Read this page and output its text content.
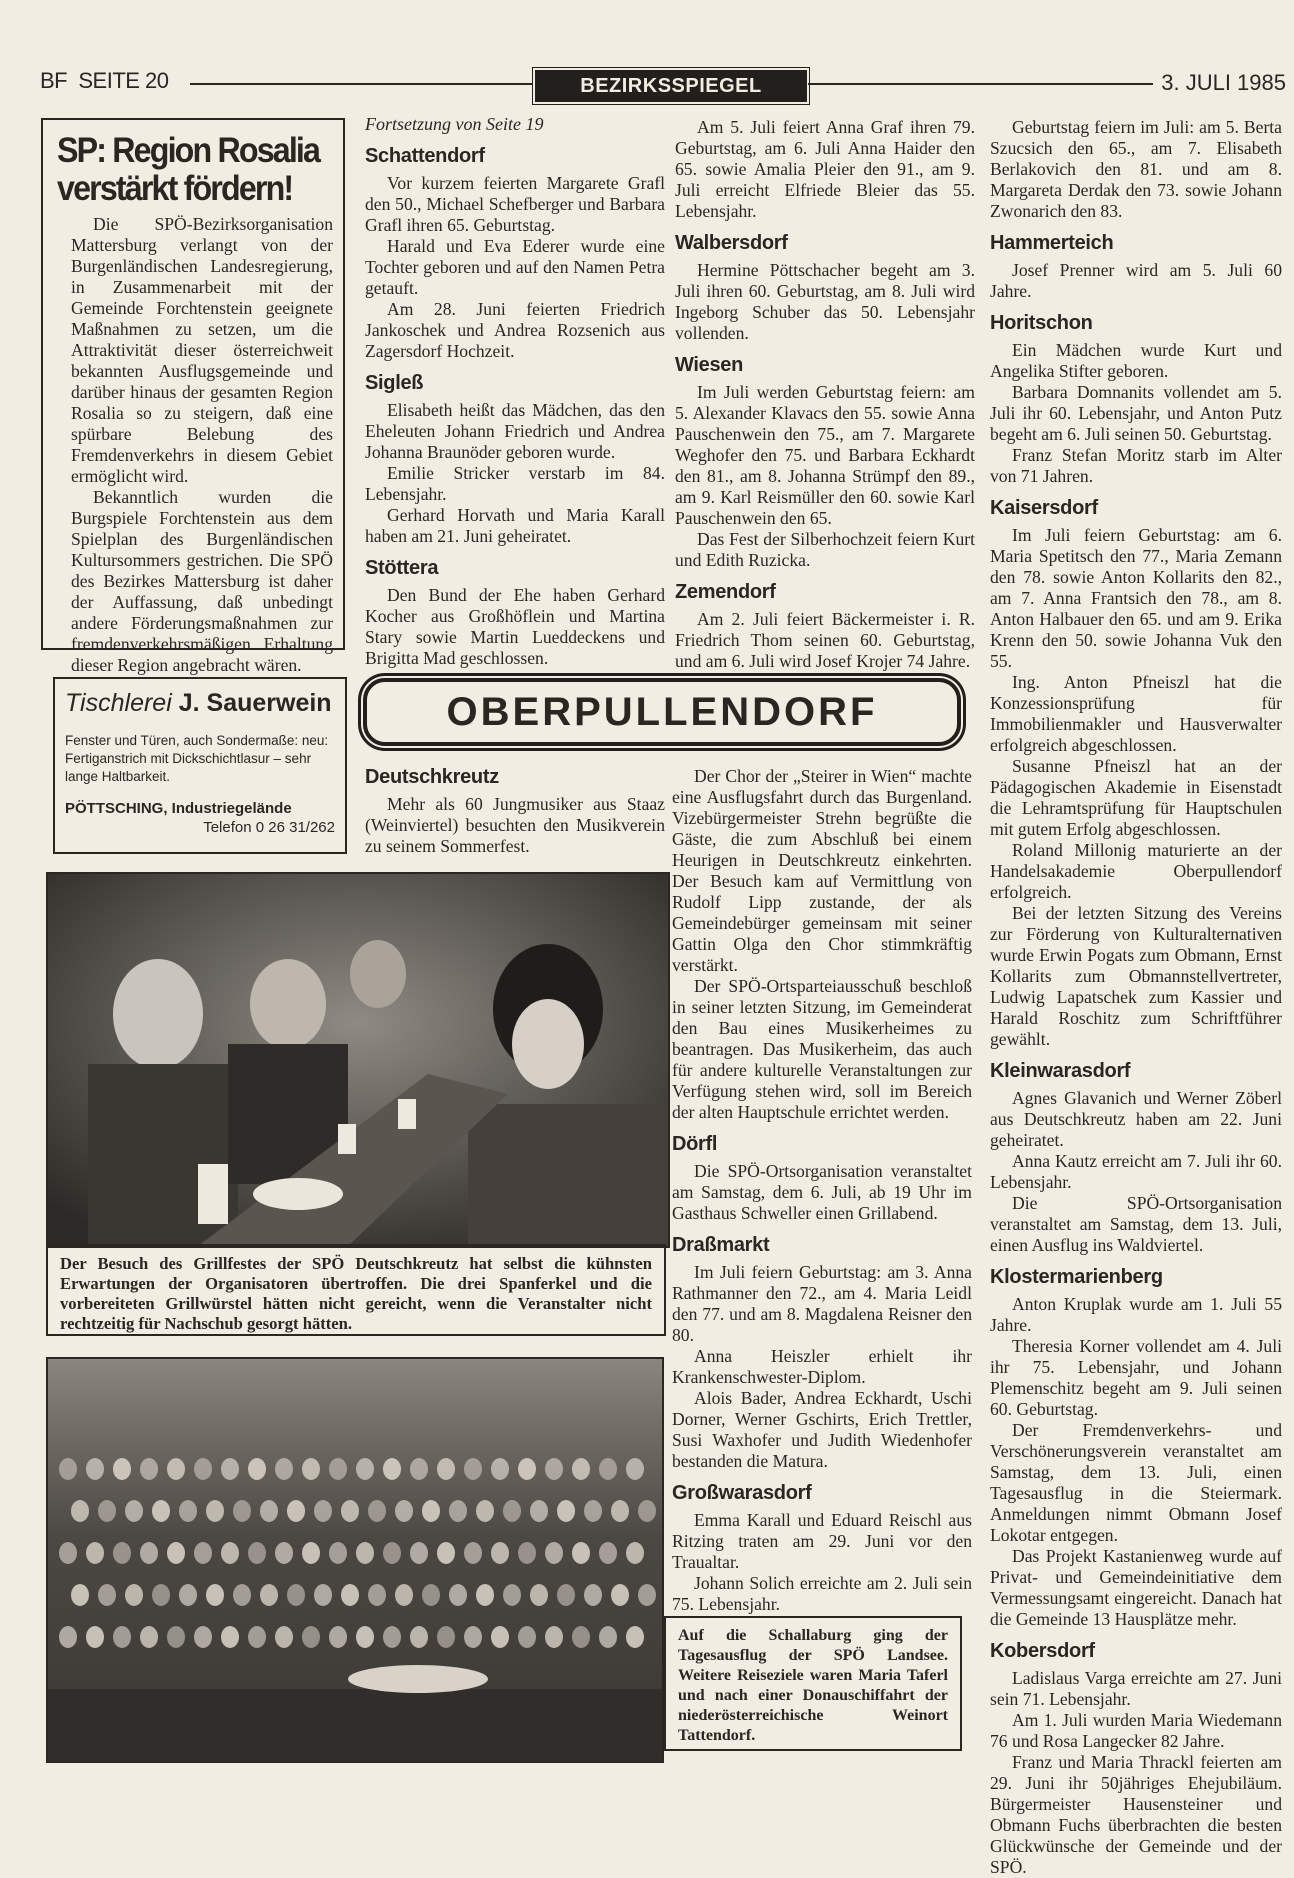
BF SEITE 20	BEZIRKSSPIEGEL	3. JULI 1985
SP: Region Rosalia
verstärkt fördern!

Die SPÖ-Bezirksorganisation Mattersburg verlangt von der Burgenländischen Landesregierung, in Zusammenarbeit mit der Gemeinde Forchtenstein geeignete Maßnahmen zu setzen, um die Attraktivität dieser österreichweit bekannten Ausflugsgemeinde und darüber hinaus der gesamten Region Rosalia so zu steigern, daß eine spürbare Belebung des Fremdenverkehrs in diesem Gebiet ermöglicht wird.

Bekanntlich wurden die Burgspiele Forchtenstein aus dem Spielplan des Burgenländischen Kultursommers gestrichen. Die SPÖ des Bezirkes Mattersburg ist daher der Auffassung, daß unbedingt andere Förderungsmaßnahmen zur fremdenverkehrsmäßigen Erhaltung dieser Region angebracht wären.

Fortsetzung von Seite 19
Schattendorf

Vor kurzem feierten Margarete Grafl den 50., Michael Schefberger und Barbara Grafl ihren 65. Geburtstag.

Harald und Eva Ederer wurde eine Tochter geboren und auf den Namen Petra getauft.

Am 28. Juni feierten Friedrich Jankoschek und Andrea Rozsenich aus Zagersdorf Hochzeit.

Sigleß

Elisabeth heißt das Mädchen, das den Eheleuten Johann Friedrich und Andrea Johanna Braunöder geboren wurde.

Emilie Stricker verstarb im 84. Lebensjahr.

Gerhard Horvath und Maria Karall haben am 21. Juni geheiratet.

Stöttera

Den Bund der Ehe haben Gerhard Kocher aus Großhöflein und Martina Stary sowie Martin Lueddeckens und Brigitta Mad geschlossen.

Am 5. Juli feiert Anna Graf ihren 79. Geburtstag, am 6. Juli Anna Haider den 65. sowie Amalia Pleier den 91., am 9. Juli erreicht Elfriede Bleier das 55. Lebensjahr.

Walbersdorf

Hermine Pöttschacher begeht am 3. Juli ihren 60. Geburtstag, am 8. Juli wird Ingeborg Schuber das 50. Lebensjahr vollenden.

Wiesen

Im Juli werden Geburtstag feiern: am 5. Alexander Klavacs den 55. sowie Anna Pauschenwein den 75., am 7. Margarete Weghofer den 75. und Barbara Eckhardt den 81., am 8. Johanna Strümpf den 89., am 9. Karl Reismüller den 60. sowie Karl Pauschenwein den 65.

Das Fest der Silberhochzeit feiern Kurt und Edith Ruzicka.

Zemendorf

Am 2. Juli feiert Bäckermeister i. R. Friedrich Thom seinen 60. Geburtstag, und am 6. Juli wird Josef Krojer 74 Jahre.

Geburtstag feiern im Juli: am 5. Berta Szucsich den 65., am 7. Elisabeth Berlakovich den 81. und am 8. Margareta Derdak den 73. sowie Johann Zwonarich den 83.

Hammerteich

Josef Prenner wird am 5. Juli 60 Jahre.

Horitschon

Ein Mädchen wurde Kurt und Angelika Stifter geboren.

Barbara Domnanits vollendet am 5. Juli ihr 60. Lebensjahr, und Anton Putz begeht am 6. Juli seinen 50. Geburtstag.

Franz Stefan Moritz starb im Alter von 71 Jahren.

Kaisersdorf

Im Juli feiern Geburtstag: am 6. Maria Spetitsch den 77., Maria Zemann den 78. sowie Anton Kollarits den 82., am 7. Anna Frantsich den 78., am 8. Anton Halbauer den 65. und am 9. Erika Krenn den 50. sowie Johanna Vuk den 55.

Ing. Anton Pfneiszl hat die Konzessionsprüfung für Immobilienmakler und Hausverwalter erfolgreich abgeschlossen.

Susanne Pfneiszl hat an der Pädagogischen Akademie in Eisenstadt die Lehramtsprüfung für Hauptschulen mit gutem Erfolg abgeschlossen.

Roland Millonig maturierte an der Handelsakademie Oberpullendorf erfolgreich.

Bei der letzten Sitzung des Vereins zur Förderung von Kulturalternativen wurde Erwin Pogats zum Obmann, Ernst Kollarits zum Obmannstellvertreter, Ludwig Lapatschek zum Kassier und Harald Roschitz zum Schriftführer gewählt.

Kleinwarasdorf

Agnes Glavanich und Werner Zöberl aus Deutschkreutz haben am 22. Juni geheiratet.

Anna Kautz erreicht am 7. Juli ihr 60. Lebensjahr.

Die SPÖ-Ortsorganisation veranstaltet am Samstag, dem 13. Juli, einen Ausflug ins Waldviertel.

Klostermarienberg

Anton Kruplak wurde am 1. Juli 55 Jahre.

Theresia Korner vollendet am 4. Juli ihr 75. Lebensjahr, und Johann Plemenschitz begeht am 9. Juli seinen 60. Geburtstag.

Der Fremdenverkehrs- und Verschönerungsverein veranstaltet am Samstag, dem 13. Juli, einen Tagesausflug in die Steiermark. Anmeldungen nimmt Obmann Josef Lokotar entgegen.

Das Projekt Kastanienweg wurde auf Privat- und Gemeindeinitiative dem Vermessungsamt eingereicht. Danach hat die Gemeinde 13 Hausplätze mehr.

Kobersdorf

Ladislaus Varga erreichte am 27. Juni sein 71. Lebensjahr.

Am 1. Juli wurden Maria Wiedemann 76 und Rosa Langecker 82 Jahre.

Franz und Maria Thrackl feierten am 29. Juni ihr 50jähriges Ehejubiläum. Bürgermeister Hausensteiner und Obmann Fuchs überbrachten die besten Glückwünsche der Gemeinde und der SPÖ.

Tischlerei J. Sauerwein
Fenster und Türen, auch Sondermaße: neu: Fertiganstrich mit Dickschichtlasur – sehr lange Haltbarkeit.
PÖTTSCHING, Industriegelände
Telefon 0 26 31/262
OBERPULLENDORF
Deutschkreutz

Mehr als 60 Jungmusiker aus Staaz (Weinviertel) besuchten den Musikverein zu seinem Sommerfest.

Der Chor der „Steirer in Wien“ machte eine Ausflugsfahrt durch das Burgenland. Vizebürgermeister Strehn begrüßte die Gäste, die zum Abschluß bei einem Heurigen in Deutschkreutz einkehrten. Der Besuch kam auf Vermittlung von Rudolf Lipp zustande, der als Gemeindebürger gemeinsam mit seiner Gattin Olga den Chor stimmkräftig verstärkt.

Der SPÖ-Ortsparteiausschuß beschloß in seiner letzten Sitzung, im Gemeinderat den Bau eines Musikerheimes zu beantragen. Das Musikerheim, das auch für andere kulturelle Veranstaltungen zur Verfügung stehen wird, soll im Bereich der alten Hauptschule errichtet werden.

Dörfl

Die SPÖ-Ortsorganisation veranstaltet am Samstag, dem 6. Juli, ab 19 Uhr im Gasthaus Schweller einen Grillabend.

Draßmarkt

Im Juli feiern Geburtstag: am 3. Anna Rathmanner den 72., am 4. Maria Leidl den 77. und am 8. Magdalena Reisner den 80.

Anna Heiszler erhielt ihr Krankenschwester-Diplom.

Alois Bader, Andrea Eckhardt, Uschi Dorner, Werner Gschirts, Erich Trettler, Susi Waxhofer und Judith Wiedenhofer bestanden die Matura.

Großwarasdorf

Emma Karall und Eduard Reischl aus Ritzing traten am 29. Juni vor den Traualtar.

Johann Solich erreichte am 2. Juli sein 75. Lebensjahr.

Der Besuch des Grillfestes der SPÖ Deutschkreutz hat selbst die kühnsten Erwartungen der Organisatoren übertroffen. Die drei Spanferkel und die vorbereiteten Grillwürstel hätten nicht gereicht, wenn die Veranstalter nicht rechtzeitig für Nachschub gesorgt hätten.
Auf die Schallaburg ging der Tagesausflug der SPÖ Landsee. Weitere Reiseziele waren Maria Taferl und nach einer Donauschiffahrt der niederösterreichische Weinort Tattendorf.
